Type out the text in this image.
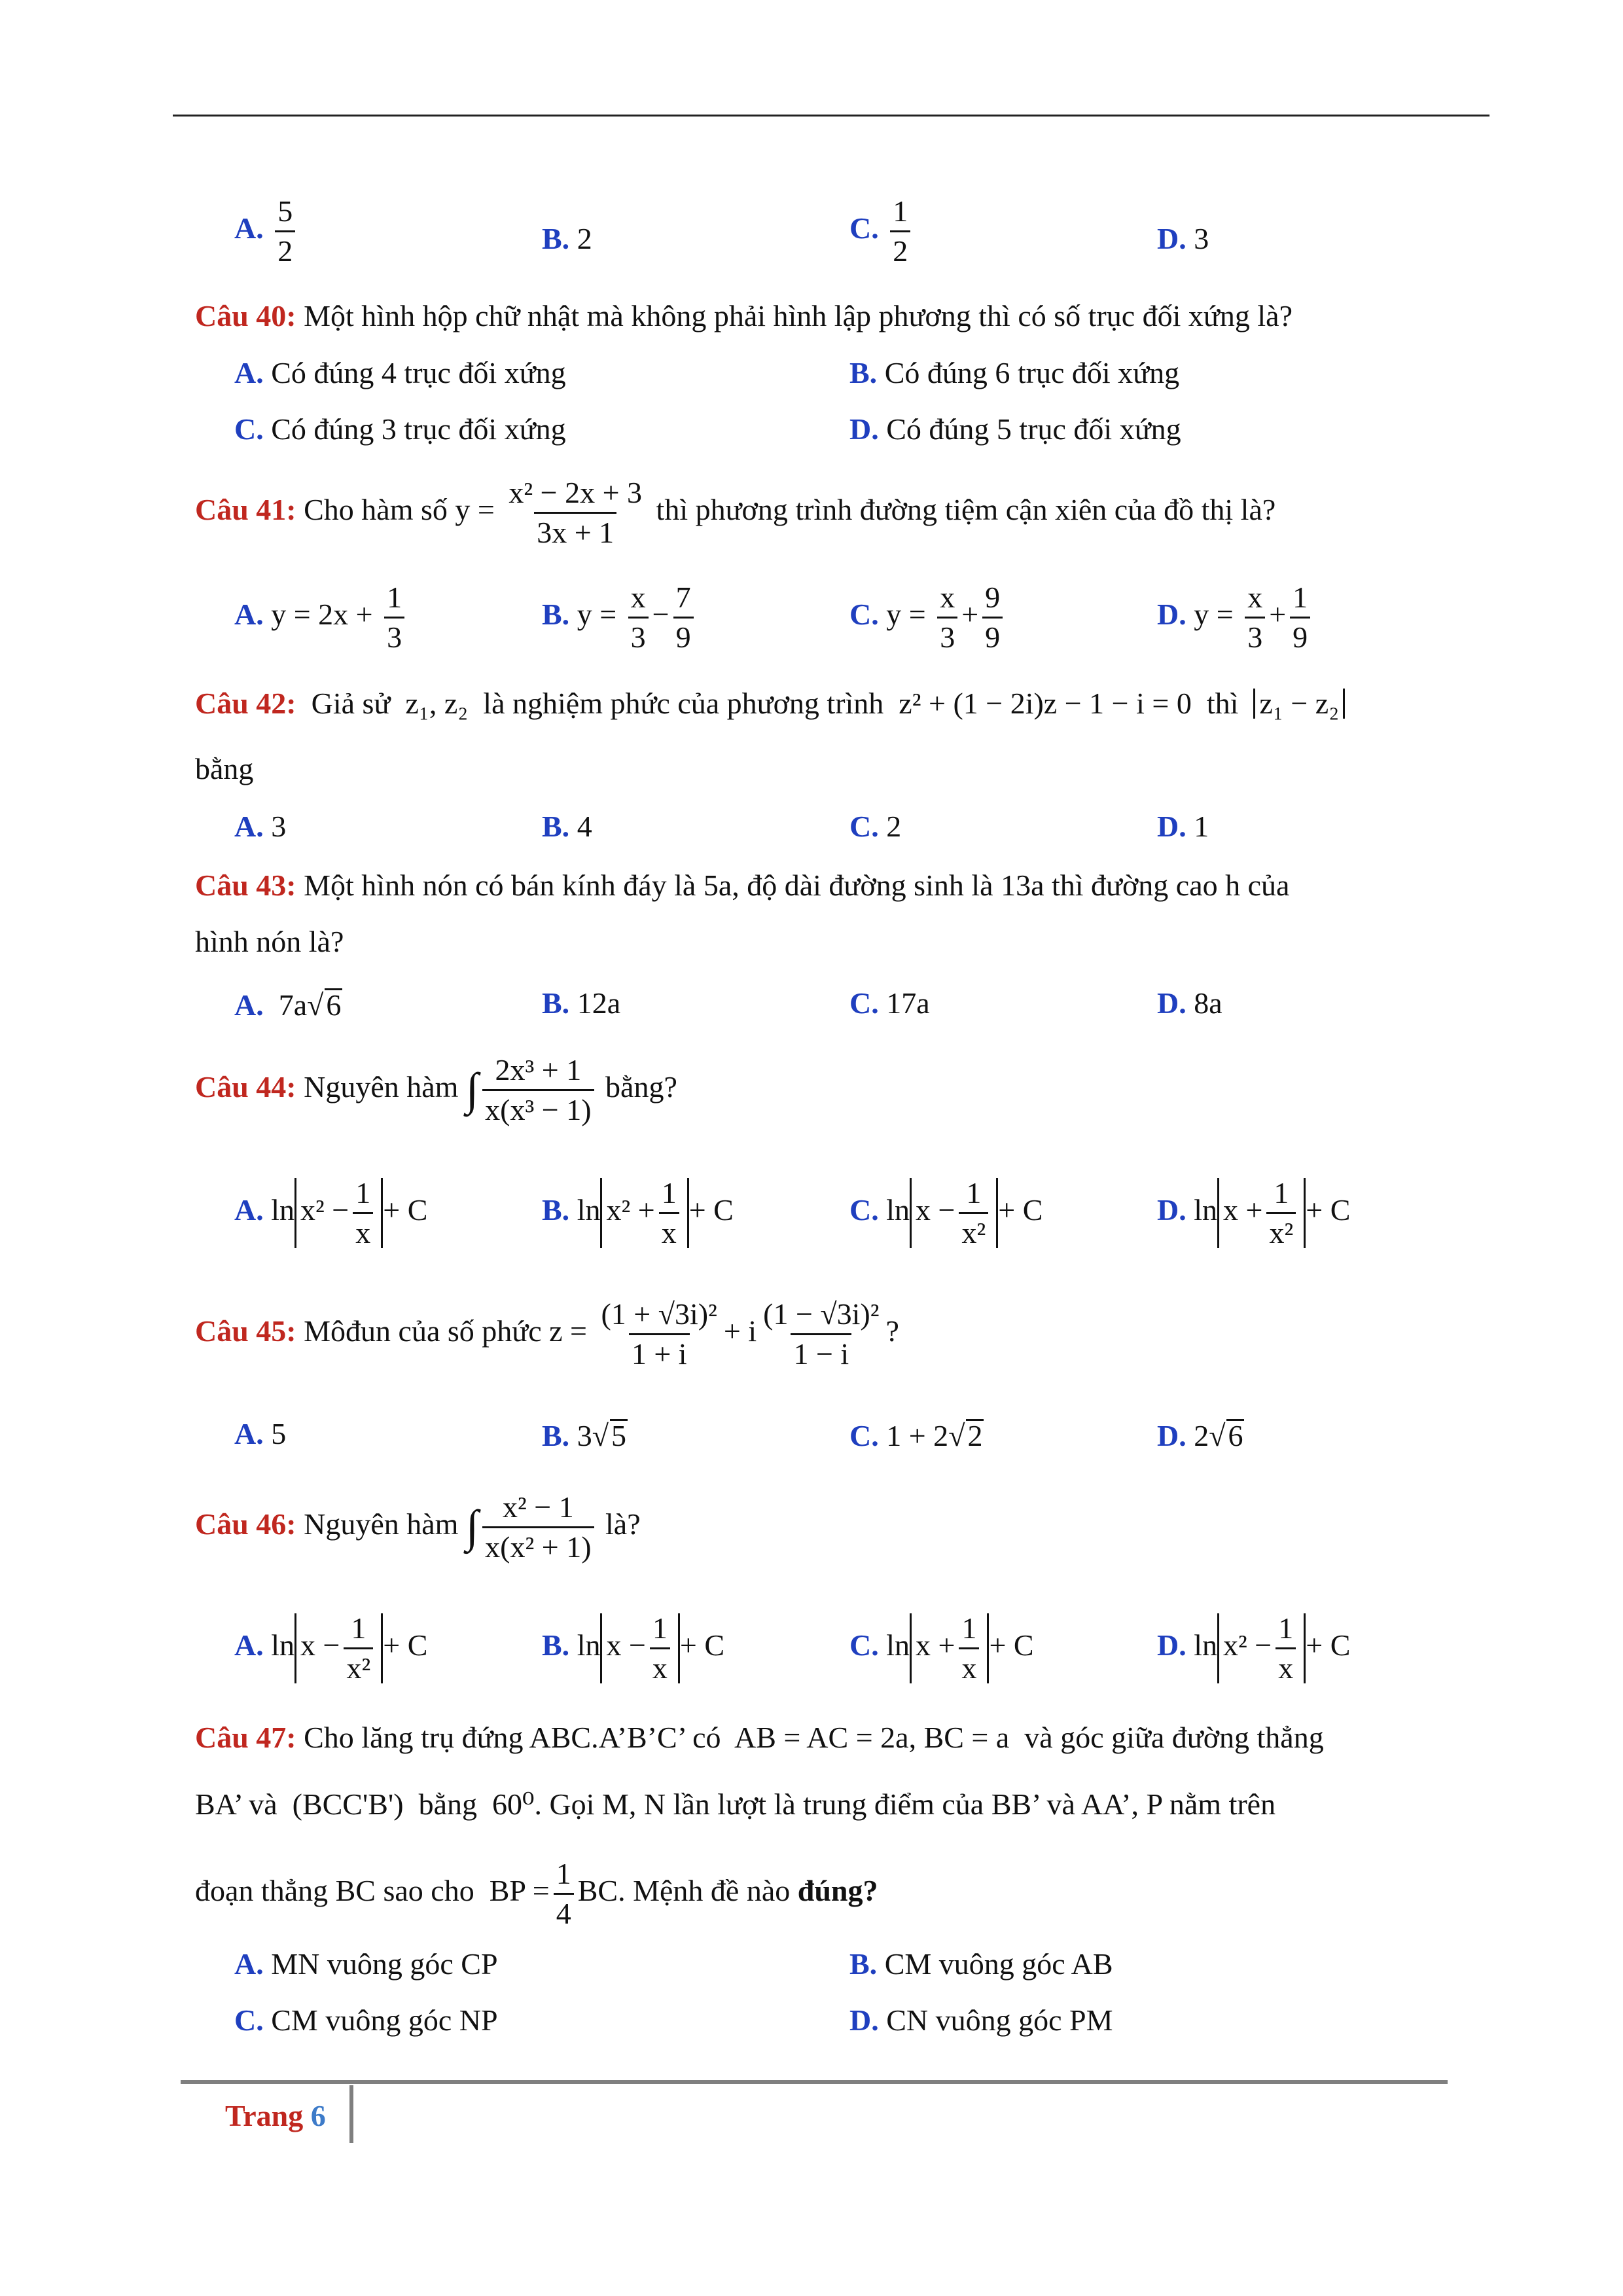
A. $\frac{5}{2}$	B. 2	C. $\frac{1}{2}$	D. 3
Câu 40: Một hình hộp chữ nhật mà không phải hình lập phương thì có số trục đối xứng là?
A. Có đúng 4 trục đối xứng	B. Có đúng 6 trục đối xứng
C. Có đúng 3 trục đối xứng	D. Có đúng 5 trục đối xứng
Câu 41: Cho hàm số $y = \frac{\text{x² − 2x + 3}}{3x + 1}$ thì phương trình đường tiệm cận xiên của đồ thị là?
A. $y = 2x + \frac{1}{3}$	B. $y = \frac{x}{3} - \frac{7}{9}$	C. $y = \frac{x}{3} + \frac{9}{9}$	D. $y = \frac{x}{3} + \frac{1}{9}$
Câu 42: Giả sử z₁, z₂ là nghiệm phức của phương trình z² + (1 − 2i)z − 1 − i = 0 thì z₁ − z₂
bằng
A. 3	B. 4	C. 2	D. 1
Câu 43: Một hình nón có bán kính đáy là 5a, độ dài đường sinh là 13a thì đường cao h của
hình nón là?
A. 7a√6	B. 12a	C. 17a	D. 8a
Câu 44: Nguyên hàm ∫ $\frac{\text{2x³ + 1}}{\text{x(x³ − 1)}}$ bằng?
A. $\ln x^2 - \frac{1}{x} + C$	B. $\ln x^2 + \frac{1}{x} + C$	C. $\ln x - \frac{1}{\text{x²}} + C$	D. $\ln x + \frac{1}{\text{x²}} + C$
Câu 45: Môđun của số phức $z = \frac{\text{(1 + √3i)²}}{1 + i} + i \frac{\text{(1 − √3i)²}}{1 - i}$ ?
A. 5	B. 3√5	C. 1 + 2√2	D. 2√6
Câu 46: Nguyên hàm ∫ $\frac{\text{x² − 1}}{\text{x(x² + 1)}}$ là?
A. $\ln x - \frac{1}{\text{x²}} + C$	B. $\ln x - \frac{1}{x} + C$	C. $\ln x + \frac{1}{x} + C$	D. $\ln x^2 - \frac{1}{x} + C$
Câu 47: Cho lăng trụ đứng ABC.A’B’C’ có AB = AC = 2a, BC = a và góc giữa đường thẳng
BA’ và (BCC'B') bằng 60⁰. Gọi M, N lần lượt là trung điểm của BB’ và AA’, P nằm trên
đoạn thẳng BC sao cho BP = $\frac{1}{4}$ BC. Mệnh đề nào đúng?
A. MN vuông góc CP	B. CM vuông góc AB
C. CM vuông góc NP	D. CN vuông góc PM
Trang 6
